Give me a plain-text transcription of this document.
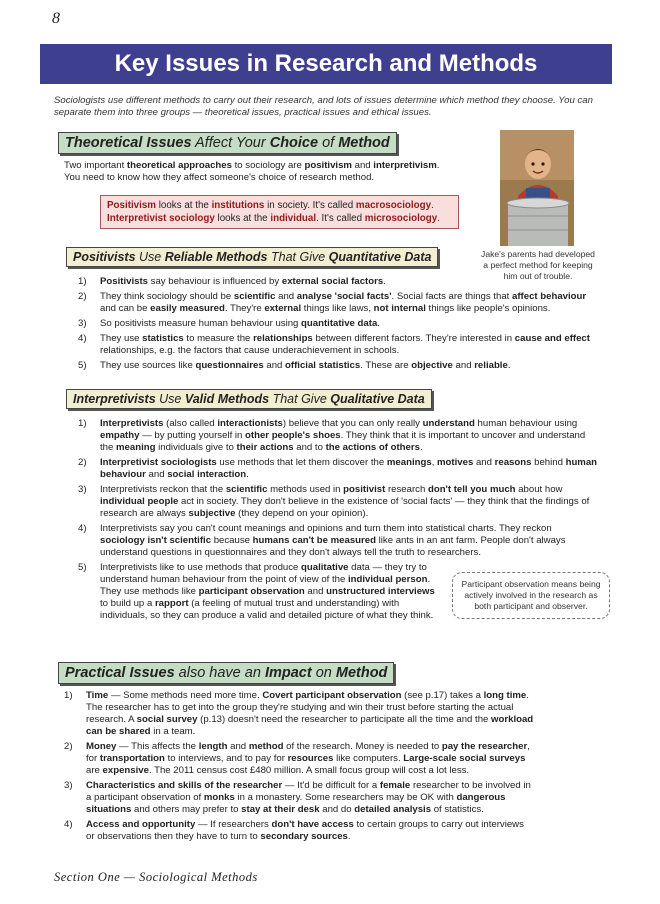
8
Key Issues in Research and Methods
Sociologists use different methods to carry out their research, and lots of issues determine which method they choose. You can separate them into three groups — theoretical issues, practical issues and ethical issues.
Theoretical Issues Affect Your Choice of Method
Two important theoretical approaches to sociology are positivism and interpretivism. You need to know how they affect someone's choice of research method.
Positivism looks at the institutions in society. It's called macrosociology.
Interpretivist sociology looks at the individual. It's called microsociology.
Jake's parents had developed a perfect method for keeping him out of trouble.
Positivists Use Reliable Methods That Give Quantitative Data
1) Positivists say behaviour is influenced by external social factors.
2) They think sociology should be scientific and analyse 'social facts'. Social facts are things that affect behaviour and can be easily measured. They're external things like laws, not internal things like people's opinions.
3) So positivists measure human behaviour using quantitative data.
4) They use statistics to measure the relationships between different factors. They're interested in cause and effect relationships, e.g. the factors that cause underachievement in schools.
5) They use sources like questionnaires and official statistics. These are objective and reliable.
Interpretivists Use Valid Methods That Give Qualitative Data
1) Interpretivists (also called interactionists) believe that you can only really understand human behaviour using empathy — by putting yourself in other people's shoes. They think that it is important to uncover and understand the meaning individuals give to their actions and to the actions of others.
2) Interpretivist sociologists use methods that let them discover the meanings, motives and reasons behind human behaviour and social interaction.
3) Interpretivists reckon that the scientific methods used in positivist research don't tell you much about how individual people act in society. They don't believe in the existence of 'social facts' — they think that the findings of research are always subjective (they depend on your opinion).
4) Interpretivists say you can't count meanings and opinions and turn them into statistical charts. They reckon sociology isn't scientific because humans can't be measured like ants in an ant farm. People don't always understand questions in questionnaires and they don't always tell the truth to researchers.
5) Interpretivists like to use methods that produce qualitative data — they try to understand human behaviour from the point of view of the individual person. They use methods like participant observation and unstructured interviews to build up a rapport (a feeling of mutual trust and understanding) with individuals, so they can produce a valid and detailed picture of what they think.
Participant observation means being actively involved in the research as both participant and observer.
Practical Issues also have an Impact on Method
1) Time — Some methods need more time. Covert participant observation (see p.17) takes a long time. The researcher has to get into the group they're studying and win their trust before starting the actual research. A social survey (p.13) doesn't need the researcher to participate all the time and the workload can be shared in a team.
2) Money — This affects the length and method of the research. Money is needed to pay the researcher, for transportation to interviews, and to pay for resources like computers. Large-scale social surveys are expensive. The 2011 census cost £480 million. A small focus group will cost a lot less.
3) Characteristics and skills of the researcher — It'd be difficult for a female researcher to be involved in a participant observation of monks in a monastery. Some researchers may be OK with dangerous situations and others may prefer to stay at their desk and do detailed analysis of statistics.
4) Access and opportunity — If researchers don't have access to certain groups to carry out interviews or observations then they have to turn to secondary sources.
Section One — Sociological Methods
